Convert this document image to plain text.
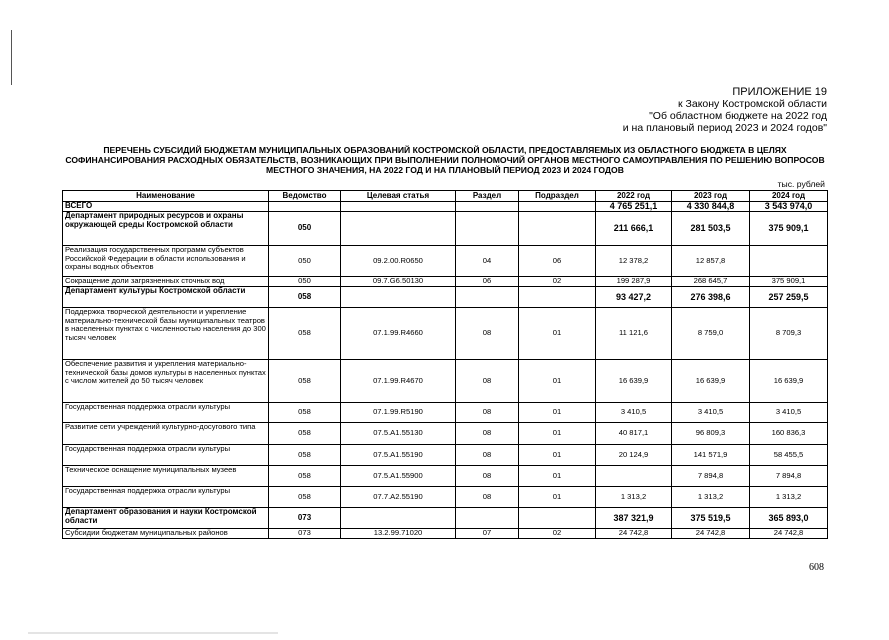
ПРИЛОЖЕНИЕ 19
к Закону Костромской области
"Об областном бюджете на 2022 год
и на плановый период 2023 и 2024 годов"
ПЕРЕЧЕНЬ СУБСИДИЙ БЮДЖЕТАМ МУНИЦИПАЛЬНЫХ ОБРАЗОВАНИЙ КОСТРОМСКОЙ ОБЛАСТИ, ПРЕДОСТАВЛЯЕМЫХ ИЗ ОБЛАСТНОГО БЮДЖЕТА В ЦЕЛЯХ СОФИНАНСИРОВАНИЯ РАСХОДНЫХ ОБЯЗАТЕЛЬСТВ, ВОЗНИКАЮЩИХ ПРИ ВЫПОЛНЕНИИ ПОЛНОМОЧИЙ ОРГАНОВ МЕСТНОГО САМОУПРАВЛЕНИЯ ПО РЕШЕНИЮ ВОПРОСОВ МЕСТНОГО ЗНАЧЕНИЯ, НА 2022 ГОД И НА ПЛАНОВЫЙ ПЕРИОД 2023 И 2024 ГОДОВ
тыс. рублей
Наименование	Ведомство	Целевая статья	Раздел	Подраздел	2022 год	2023 год	2024 год
ВСЕГО					4 765 251,1	4 330 844,8	3 543 974,0
Департамент природных ресурсов и охраны окружающей среды Костромской области	050				211 666,1	281 503,5	375 909,1
Реализация государственных программ субъектов Российской Федерации в области использования и охраны водных объектов	050	09.2.00.R0650	04	06	12 378,2	12 857,8	
Сокращение доли загрязненных сточных вод	050	09.7.G6.50130	06	02	199 287,9	268 645,7	375 909,1
Департамент культуры Костромской области	058				93 427,2	276 398,6	257 259,5
Поддержка творческой деятельности и укрепление материально-технической базы муниципальных театров в населенных пунктах с численностью населения до 300 тысяч человек	058	07.1.99.R4660	08	01	11 121,6	8 759,0	8 709,3
Обеспечение развития и укрепления материально-технической базы домов культуры в населенных пунктах с числом жителей до 50 тысяч человек	058	07.1.99.R4670	08	01	16 639,9	16 639,9	16 639,9
Государственная поддержка отрасли культуры	058	07.1.99.R5190	08	01	3 410,5	3 410,5	3 410,5
Развитие сети учреждений культурно-досугового типа	058	07.5.A1.55130	08	01	40 817,1	96 809,3	160 836,3
Государственная поддержка отрасли культуры	058	07.5.A1.55190	08	01	20 124,9	141 571,9	58 455,5
Техническое оснащение муниципальных музеев	058	07.5.A1.55900	08	01		7 894,8	7 894,8
Государственная поддержка отрасли культуры	058	07.7.A2.55190	08	01	1 313,2	1 313,2	1 313,2
Департамент образования и науки Костромской области	073				387 321,9	375 519,5	365 893,0
Субсидии бюджетам муниципальных районов	073	13.2.99.71020	07	02	24 742,8	24 742,8	24 742,8
608
